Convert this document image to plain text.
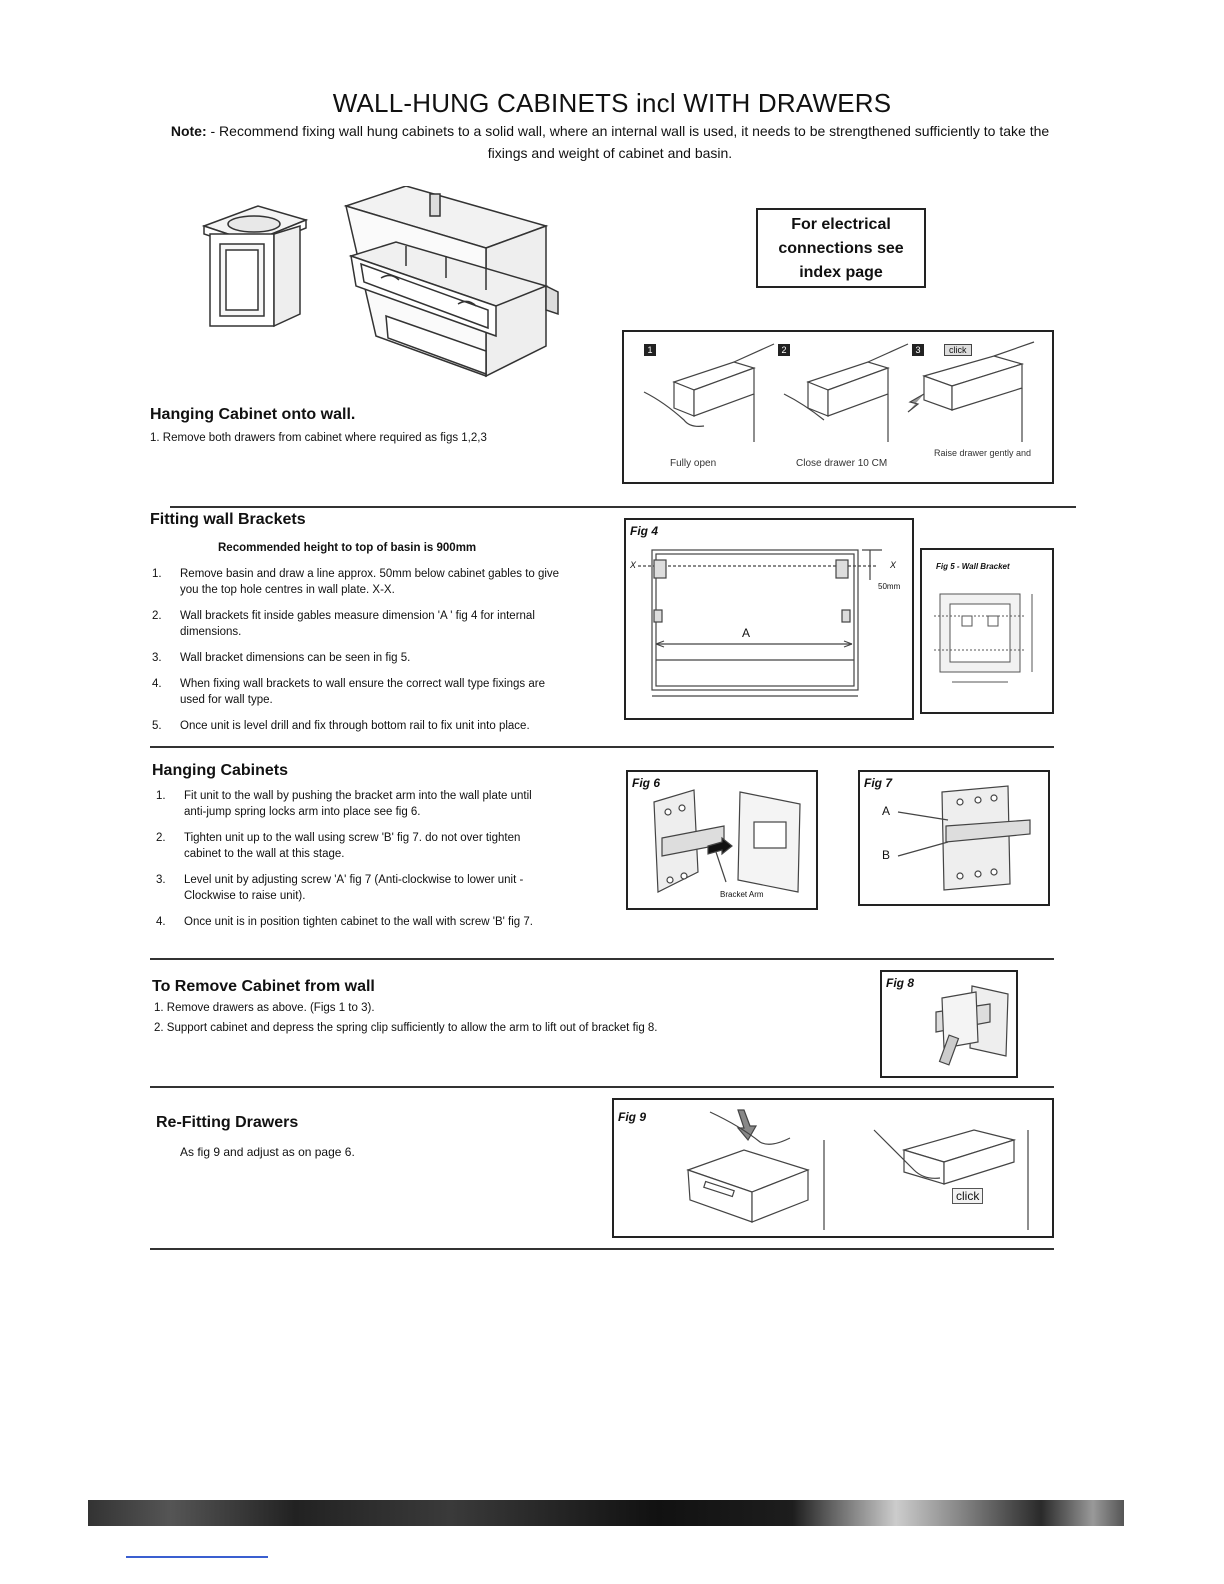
WALL-HUNG CABINETS incl WITH DRAWERS
Note: - Recommend fixing wall hung cabinets to a solid wall, where an internal wall is used, it needs to be strengthened sufficiently to take the fixings and weight of cabinet and basin.
For electrical connections see index page
Hanging Cabinet onto wall.
1. Remove both drawers from cabinet where required as figs 1,2,3
1	2	3	click
Fully open	Close drawer 10 CM
Raise drawer gently and
Fitting wall Brackets
Recommended height to top of basin is 900mm
1. Remove basin and draw a line approx. 50mm below cabinet gables to give you the top hole centres in wall plate. X-X.
2. Wall brackets fit inside gables measure dimension 'A ' fig 4 for internal dimensions.
3. Wall bracket dimensions can be seen in fig 5.
4. When fixing wall brackets to wall ensure the correct wall type fixings are used for wall type.
5. Once unit is level drill and fix through bottom rail to fix unit into place.
Fig 4
A
X	X
50mm
Fig 5 - Wall Bracket
Hanging Cabinets
1. Fit unit to the wall by pushing the bracket arm into the wall plate until anti-jump spring locks arm into place see fig 6.
2. Tighten unit up to the wall using screw 'B' fig 7. do not over tighten cabinet to the wall at this stage.
3. Level unit by adjusting screw 'A' fig 7 (Anti-clockwise to lower unit - Clockwise to raise unit).
4. Once unit is in position tighten cabinet to the wall with screw 'B' fig 7.
Fig 6
Bracket Arm
Fig 7
A
B
To Remove Cabinet from wall
1. Remove drawers as above. (Figs 1 to 3).
2. Support cabinet and depress the spring clip sufficiently to allow the arm to lift out of bracket fig 8.
Fig 8
Re-Fitting Drawers
As fig 9 and adjust as on page 6.
Fig 9
click
